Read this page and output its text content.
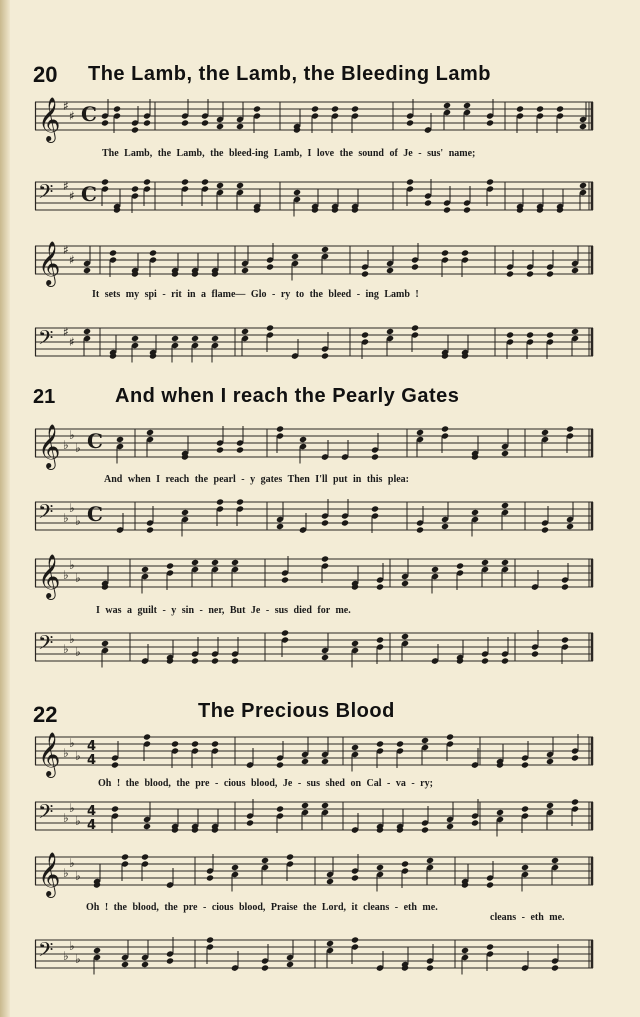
20 The Lamb, the Lamb, the Bleeding Lamb
𝄞 ♯
♯ C
The Lamb, the Lamb, the bleed-ing Lamb, I love the sound of Je - sus' name;
𝄢 ♯
♯ C
𝄞 ♯
♯
It sets my spi - rit in a flame— Glo - ry to the bleed - ing Lamb !
𝄢 ♯
♯
21	And when I reach the Pearly Gates
𝄞 ♭
♭
♭ C
And when I reach the pearl - y gates Then I'll put in this plea:
𝄢 ♭
♭
♭ C
𝄞 ♭
♭
♭
I was a guilt - y sin - ner, But Je - sus died for me.
𝄢 ♭
♭
♭
22	The Precious Blood
𝄞 ♭
♭
♭
4
4
Oh ! the blood, the pre - cious blood, Je - sus shed on Cal - va - ry;
𝄢 ♭
♭
♭
4
4
𝄞 ♭
♭
♭
Oh ! the blood, the pre - cious blood, Praise the Lord, it cleans - eth me.
cleans - eth me.
𝄢 ♭
♭
♭
